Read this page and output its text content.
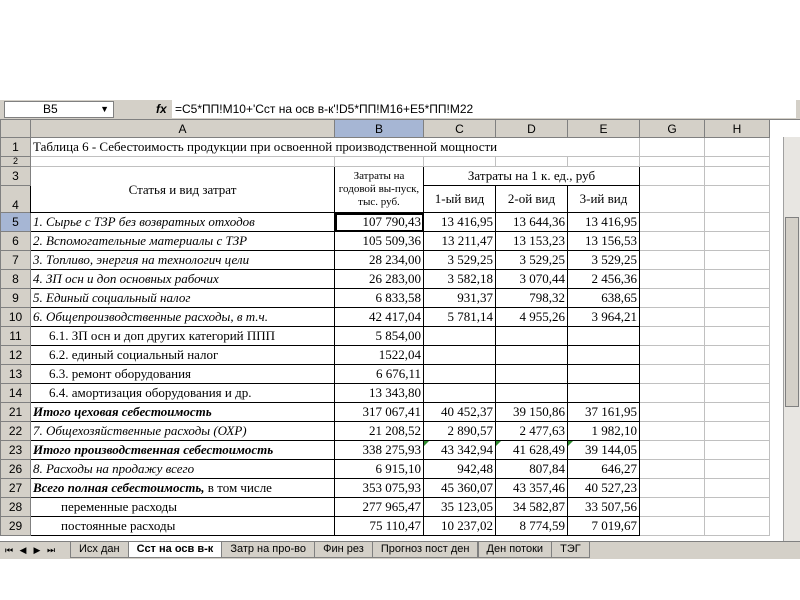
B5	▼	fx =C5*ПП!M10+'Сст на осв в-к'!D5*ПП!M16+E5*ПП!M22
	A	B	C	D	E	G	H
1	Таблица 6 - Себестоимость продукции при освоенной производственной мощности						
2							
3	Статья и вид затрат	Затраты на годовой вы-пуск, тыс. руб.	Затраты на 1 к. ед., руб				
4			1-ый вид	2-ой вид	3-ий вид		
5	1. Сырье с ТЗР без возвратных отходов	107 790,43	13 416,95	13 644,36	13 416,95		
6	2. Вспомогательные материалы с ТЗР	105 509,36	13 211,47	13 153,23	13 156,53		
7	3. Топливо, энергия на технологич цели	28 234,00	3 529,25	3 529,25	3 529,25		
8	4. ЗП осн и доп основных рабочих	26 283,00	3 582,18	3 070,44	2 456,36		
9	5. Единый социальный налог	6 833,58	931,37	798,32	638,65		
10	6. Общепроизводственные расходы, в т.ч.	42 417,04	5 781,14	4 955,26	3 964,21		
11	6.1. ЗП осн и доп других категорий ППП	5 854,00					
12	6.2. единый социальный налог	1522,04					
13	6.3. ремонт оборудования	6 676,11					
14	6.4. амортизация оборудования и др.	13 343,80					
21	Итого цеховая себестоимость	317 067,41	40 452,37	39 150,86	37 161,95		
22	7. Общехозяйственные расходы (ОХР)	21 208,52	2 890,57	2 477,63	1 982,10		
23	Итого производственная себестоимость	338 275,93	43 342,94	41 628,49	39 144,05		
26	8. Расходы на продажу всего	6 915,10	942,48	807,84	646,27		
27	Всего полная себестоимость, в том числе	353 075,93	45 360,07	43 357,46	40 527,23		
28	переменные расходы	277 965,47	35 123,05	34 582,87	33 507,56		
29	постоянные расходы	75 110,47	10 237,02	8 774,59	7 019,67		
⏮ ◀ ▶ ⏭	Исх дан Сст на осв в-к Затр на про-во Фин рез Прогноз пост ден Ден потоки ТЭГ
